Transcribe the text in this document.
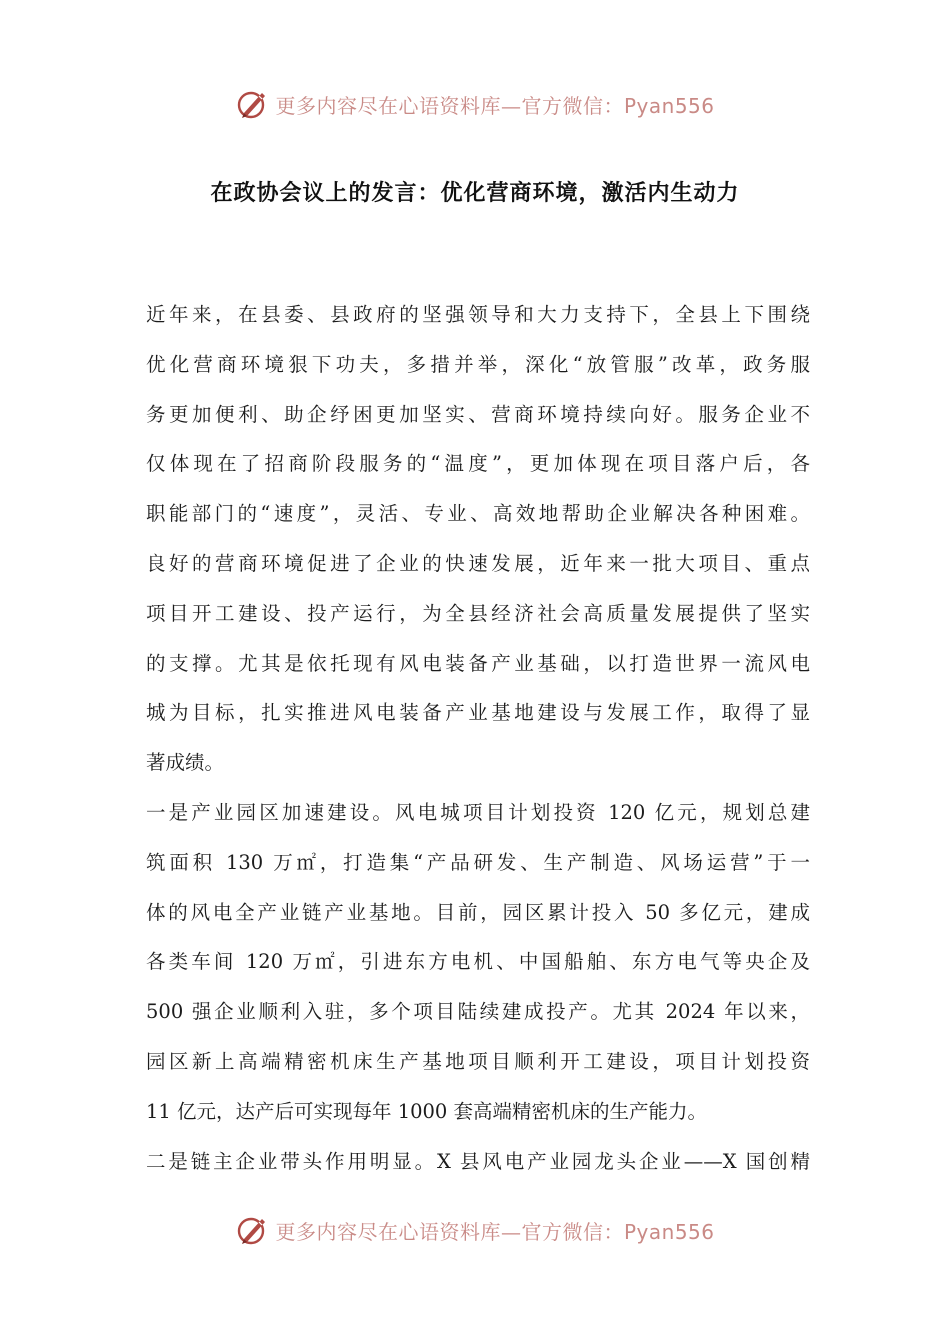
更多内容尽在心语资料库—官方微信：Pyan556
在政协会议上的发言：优化营商环境，激活内生动力
近年来，在县委、县政府的坚强领导和大力支持下，全县上下围绕
优化营商环境狠下功夫，多措并举，深化“放管服”改革，政务服
务更加便利、助企纾困更加坚实、营商环境持续向好。服务企业不
仅体现在了招商阶段服务的“温度”，更加体现在项目落户后，各
职能部门的“速度”，灵活、专业、高效地帮助企业解决各种困难。
良好的营商环境促进了企业的快速发展，近年来一批大项目、重点
项目开工建设、投产运行，为全县经济社会高质量发展提供了坚实
的支撑。尤其是依托现有风电装备产业基础，以打造世界一流风电
城为目标，扎实推进风电装备产业基地建设与发展工作，取得了显
著成绩。
一是产业园区加速建设。风电城项目计划投资 120 亿元，规划总建
筑面积 130 万㎡，打造集“产品研发、生产制造、风场运营”于一
体的风电全产业链产业基地。目前，园区累计投入 50 多亿元，建成
各类车间 120 万㎡，引进东方电机、中国船舶、东方电气等央企及
500 强企业顺利入驻，多个项目陆续建成投产。尤其 2024 年以来，
园区新上高端精密机床生产基地项目顺利开工建设，项目计划投资
11 亿元，达产后可实现每年 1000 套高端精密机床的生产能力。
二是链主企业带头作用明显。X 县风电产业园龙头企业——X 国创精
更多内容尽在心语资料库—官方微信：Pyan556
